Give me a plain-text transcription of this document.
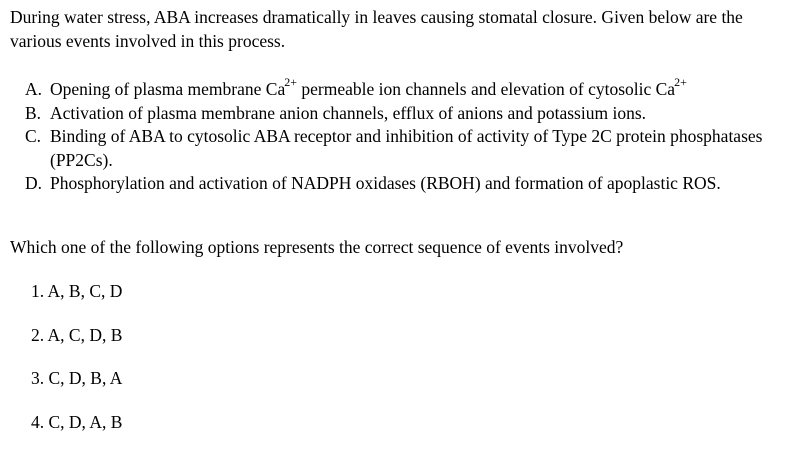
During water stress, ABA increases dramatically in leaves causing stomatal closure. Given below are the various events involved in this process.

A. Opening of plasma membrane $Ca^{2+}$ permeable ion channels and elevation of cytosolic $Ca^{2+}$
B. Activation of plasma membrane anion channels, efflux of anions and potassium ions.
C. Binding of ABA to cytosolic ABA receptor and inhibition of activity of Type 2C protein phosphatases (PP2Cs).
D. Phosphorylation and activation of NADPH oxidases (RBOH) and formation of apoplastic ROS.

Which one of the following options represents the correct sequence of events involved?

1. A, B, C, D
2. A, C, D, B
3. C, D, B, A
4. C, D, A, B
